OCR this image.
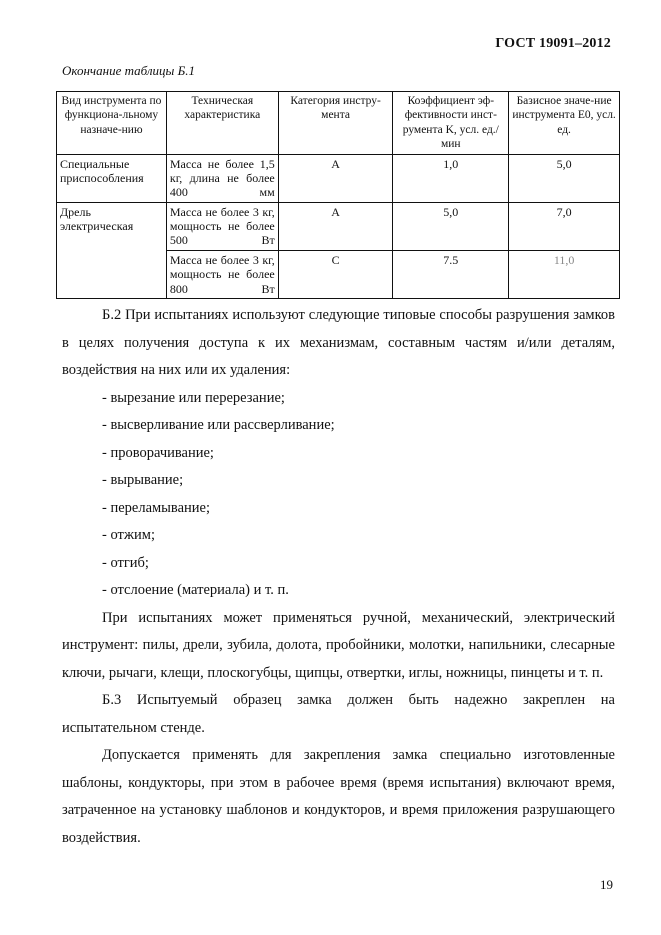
ГОСТ 19091–2012
Окончание таблицы Б.1
Вид инструмента по функциона-льному назначе-нию	Техническая характеристика	Категория инстру-мента	Коэффициент эф-фективности инст-румента K, усл. ед./мин	Базисное значе-ние инструмента E0, усл. ед.
Специальные приспособления	Масса не более 1,5 кг, длина не более 400 мм	А	1,0	5,0
Дрель электрическая	Масса не более 3 кг, мощность не более 500 Вт	А	5,0	7,0
	Масса не более 3 кг, мощность не более 800 Вт	С	7.5	11,0

Б.2 При испытаниях используют следующие типовые способы разрушения замков в целях получения доступа к их механизмам, составным частям и/или деталям, воздействия на них или их удаления:

- вырезание или перерезание;

- высверливание или рассверливание;

- проворачивание;

- вырывание;

- переламывание;

- отжим;

- отгиб;

- отслоение (материала) и т. п.

При испытаниях может применяться ручной, механический, электрический инструмент: пилы, дрели, зубила, долота, пробойники, молотки, напильники, слесарные ключи, рычаги, клещи, плоскогубцы, щипцы, отвертки, иглы, ножницы, пинцеты и т. п.

Б.3 Испытуемый образец замка должен быть надежно закреплен на испытательном стенде.

Допускается применять для закрепления замка специально изготовленные шаблоны, кондукторы, при этом в рабочее время (время испытания) включают время, затраченное на установку шаблонов и кондукторов, и время приложения разрушающего воздействия.

19
